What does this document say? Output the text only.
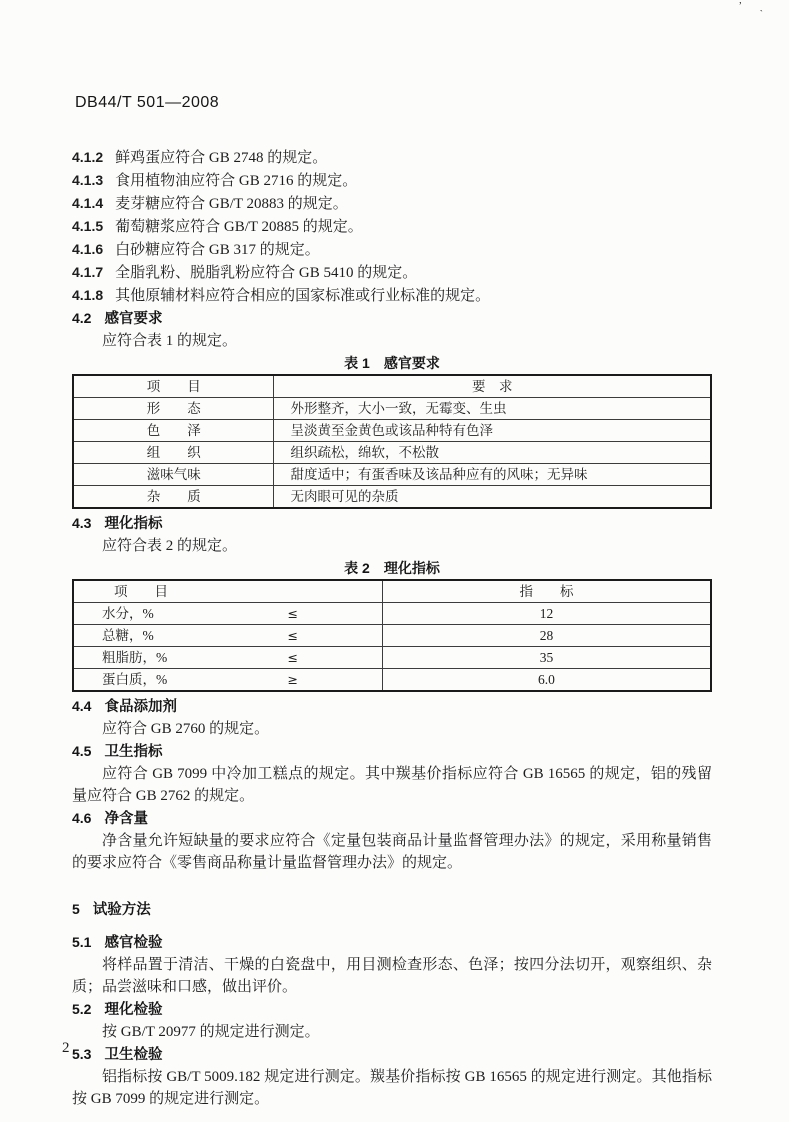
DB44/T 501—2008
’ ˏ
4.1.2 鲜鸡蛋应符合 GB 2748 的规定。
4.1.3 食用植物油应符合 GB 2716 的规定。
4.1.4 麦芽糖应符合 GB/T 20883 的规定。
4.1.5 葡萄糖浆应符合 GB/T 20885 的规定。
4.1.6 白砂糖应符合 GB 317 的规定。
4.1.7 全脂乳粉、脱脂乳粉应符合 GB 5410 的规定。
4.1.8 其他原辅材料应符合相应的国家标准或行业标准的规定。
4.2 感官要求
应符合表 1 的规定。
表 1 感官要求
项　　目	要　求
形　　态	外形整齐，大小一致，无霉变、生虫
色　　泽	呈淡黄至金黄色或该品种特有色泽
组　　织	组织疏松，绵软，不松散
滋味气味	甜度适中；有蛋香味及该品种应有的风味；无异味
杂　　质	无肉眼可见的杂质
4.3 理化指标
应符合表 2 的规定。
表 2 理化指标
项　　目	指　　标

水分，% ≤	12

总糖，% ≤	28

粗脂肪，% ≤	35

蛋白质，% ≥	6.0
4.4 食品添加剂
应符合 GB 2760 的规定。
4.5 卫生指标
应符合 GB 7099 中冷加工糕点的规定。其中羰基价指标应符合 GB 16565 的规定，铝的残留量应符合 GB 2762 的规定。
4.6 净含量
净含量允许短缺量的要求应符合《定量包装商品计量监督管理办法》的规定，采用称量销售的要求应符合《零售商品称量计量监督管理办法》的规定。
5 试验方法
5.1 感官检验
将样品置于清洁、干燥的白瓷盘中，用目测检查形态、色泽；按四分法切开，观察组织、杂质；品尝滋味和口感，做出评价。
5.2 理化检验
按 GB/T 20977 的规定进行测定。
5.3 卫生检验
铝指标按 GB/T 5009.182 规定进行测定。羰基价指标按 GB 16565 的规定进行测定。其他指标按 GB 7099 的规定进行测定。
2
